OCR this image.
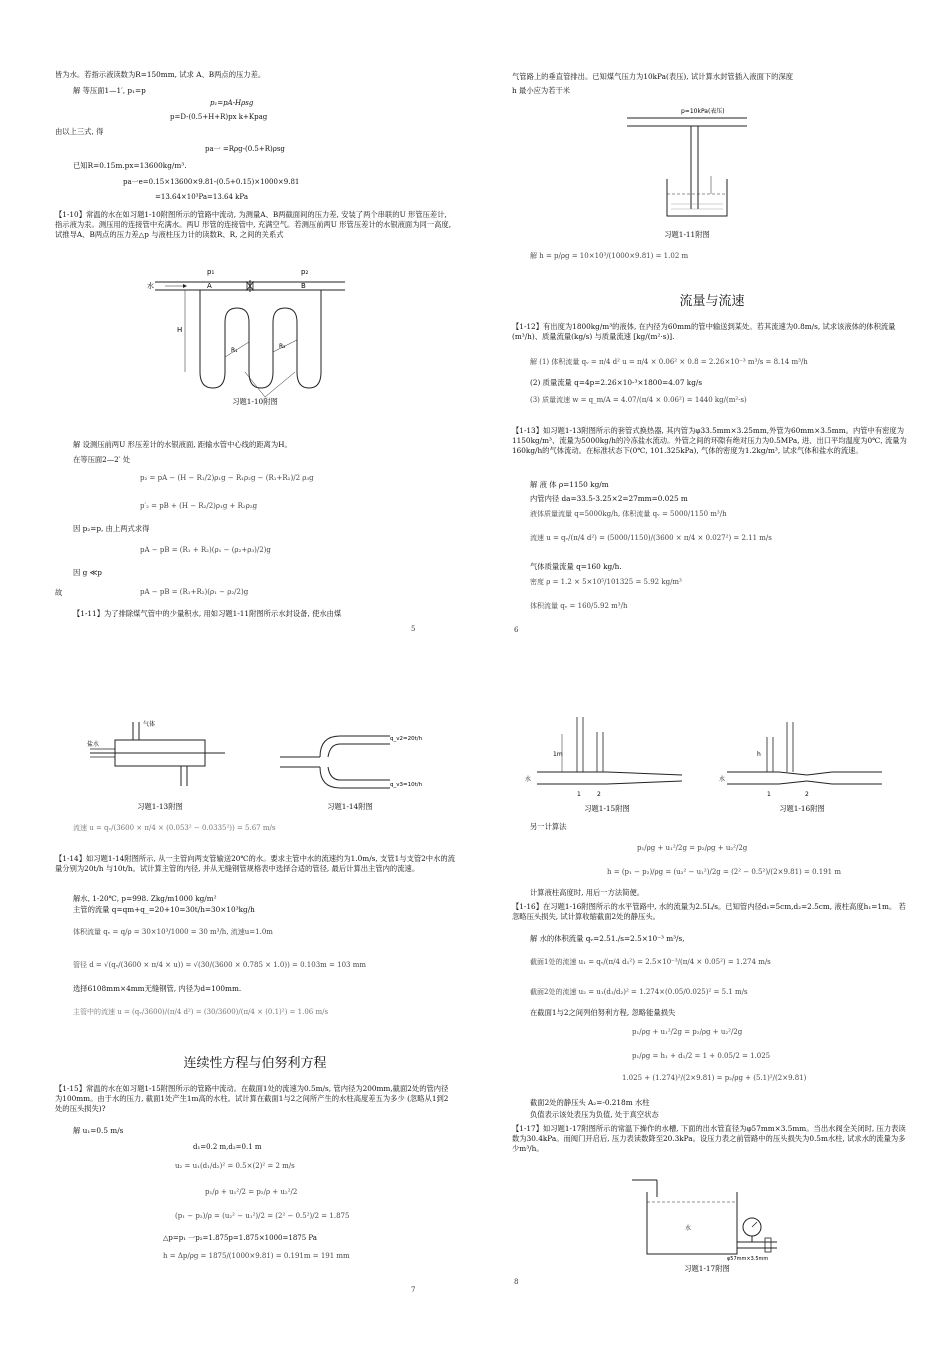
皆为水。若指示液读数为R=150mm, 试求 A、B两点的压力差。
解 等压面1—1′, p₁=p
p₁=pA-Hρsg
p=D-(0.5+H+R)px k+Kpag
由以上三式, 得
pa一 =Rρg-(0.5+R)ρsg
已知R=0.15m.px=13600kg/m³.
pa一e=0.15×13600×9.81-(0.5+0.15)×1000×9.81
=13.64×10³Pa=13.64 kPa
【1-10】常温的水在如习题1-10附图所示的管路中流动, 为测量A、B两截面间的压力差, 安装了两个串联的U 形管压差计, 指示液为汞。测压用的连接管中充满水。两U 形管的连接管中, 充满空气。若测压前两U 形管压差计的水银液面为同一高度, 试推导A、B两点的压力差△p 与液柱压力计的读数R、R, 之间的关系式
水	A	B
p₁	p₂
H
R₁
R₂
习题1-10附图
解 设测压前两U 形压差计的水银液面, 距输水管中心线的距离为H。
在等压面2—2′ 处
p₂ = pA − (H − R₁/2)ρ₁g − R₁ρ₂g − (R₁+R₂)/2 ρ₃g
p′₂ = pB + (H − R₂/2)ρ₁g + R₂ρ₂g
因 p₂=p, 由上两式求得
pA − pB = (R₁ + R₂)(ρ₁ − (ρ₂+ρ₃)/2)g
因 g ≪p
故	pA − pB = (R₁+R₂)(ρ₁ − ρ₂/2)g
【1-11】为了排除煤气管中的少量积水, 用如习题1-11附图所示水封设备, 使水由煤
5
气管路上的垂直管排出。已知煤气压力为10kPa(表压), 试计算水封管插入液面下的深度
h 最小应为若干米
p=10kPa(表压)
习题1-11附图
解 h = p/ρg = 10×10³/(1000×9.81) = 1.02 m
流量与流速
【1-12】有出度为1800kg/m³的液体, 在内径为60mm的管中输送到某处。若其流速为0.8m/s, 试求该液体的体积流量 (m³/h)、质量流量(kg/s) 与质量流速 [kg/(m²·s)].
解 (1) 体积流量 qᵥ = π/4 d² u = π/4 × 0.06² × 0.8 = 2.26×10⁻³ m³/s = 8.14 m³/h
(2) 质量流量 q=4p=2.26×10-³×1800=4.07 kg/s
(3) 质量流速 w = q_m/A = 4.07/(π/4 × 0.06²) = 1440 kg/(m²·s)
【1-13】如习题1-13附图所示的套管式换热器, 其内管为φ33.5mm×3.25mm,外管为60mm×3.5mm。内管中有密度为1150kg/m³、流量为5000kg/h的冷冻盐水流动。外管之间的环隙有绝对压力为0.5MPa, 进、出口平均温度为0℃, 流量为160kg/h的气体流动。在标准状态下(0℃, 101.325kPa), 气体的密度为1.2kg/m³, 试求气体和盐水的流速。
解 液 体 ρ=1150 kg/m
内管内径 da=33.5-3.25×2=27mm=0.025 m
液体质量流量 q=5000kg/h, 体积流量 qᵥ = 5000/1150 m³/h
流速 u = qᵥ/(π/4 d²) = (5000/1150)/(3600 × π/4 × 0.027²) = 2.11 m/s
气体质量流量 q=160 kg/h.
密度 ρ = 1.2 × 5×10⁵/101325 = 5.92 kg/m³
体积流量 qᵥ = 160/5.92 m³/h
6
盐水
气体
习题1-13附图
q_v2=20t/h
q_v3=10t/h
习题1-14附图
流速 u = qᵥ/(3600 × π/4 × (0.053² − 0.0335²)) = 5.67 m/s
【1-14】如习题1-14附图所示, 从一主管向两支管输送20℃的水。要求主管中水的流速约为1.0m/s, 支管1与支管2中水的流量分别为20t/h 与10t/h。试计算主管的内径, 并从无缝钢管规格表中选择合适的管径, 最后计算出主管内的流速。
解水, 1-20℃, p=998. Zkg/m1000 kg/m²
主管的流量 q=qm+q_=20+10=30t/h=30×10³kg/h
体积流量 qᵥ = q/ρ = 30×10³/1000 = 30 m³/h, 流速u=1.0m
管径 d = √(qᵥ/(3600 × π/4 × u)) = √(30/(3600 × 0.785 × 1.0)) = 0.103m = 103 mm
选择6108mm×4mm无缝钢管, 内径为d=100mm.
主管中的流速 u = (qᵥ/3600)/(π/4 d²) = (30/3600)/(π/4 × (0.1)²) = 1.06 m/s
连续性方程与伯努利方程
【1-15】常温的水在如习题1-15附图所示的管路中流动。在截面1处的流速为0.5m/s, 管内径为200mm,截面2处的管内径为100mm。由于水的压力, 截面1处产生1m高的水柱。试计算在截面1与2之间所产生的水柱高度差五为多少 (忽略从1到2处的压头损失)?
解 u₁=0.5 m/s
d₁=0.2 m,d₂=0.1 m
u₂ = u₁(d₁/d₂)² = 0.5×(2)² = 2 m/s
p₁/ρ + u₁²/2 = p₂/ρ + u₂²/2
(p₁ − p₂)/ρ = (u₂² − u₁²)/2 = (2² − 0.5²)/2 = 1.875
△p=p₁ 一p₂=1.875p=1.875×1000=1875 Pa
h = Δp/ρg = 1875/(1000×9.81) = 0.191m = 191 mm
7
1m
水
1	2
习题1-15附图
h
水
1	2
习题1-16附图
另一计算法
p₁/ρg + u₁²/2g = p₂/ρg + u₂²/2g
h = (p₁ − p₂)/ρg = (u₂² − u₁²)/2g = (2² − 0.5²)/(2×9.81) = 0.191 m
计算液柱高度时, 用后一方法简便。
【1-16】在习题1-16附图所示的水平管路中, 水的流量为2.5L/s。已知管内径d₁=5cm,d₂=2.5cm, 液柱高度h₁=1m。 若忽略压头损失, 试计算收缩截面2处的静压头。
解 水的体积流量 qᵥ=2.51./s=2.5×10⁻³ m³/s,
截面1处的流速 u₁ = qᵥ/(π/4 d₁²) = 2.5×10⁻³/(π/4 × 0.05²) = 1.274 m/s
截面2处的流速 u₂ = u₁(d₁/d₂)² = 1.274×(0.05/0.025)² = 5.1 m/s
在截面1与2之间列伯努利方程, 忽略能量损失
p₁/ρg + u₁²/2g = p₂/ρg + u₂²/2g
p₁/ρg = h₁ + d₁/2 = 1 + 0.05/2 = 1.025
1.025 + (1.274)²/(2×9.81) = p₂/ρg + (5.1)²/(2×9.81)
截面2处的静压头 A₂=-0.218m 水柱
负值表示该处表压为负值, 处于真空状态
【1-17】如习题1-17附图所示的常温下操作的水槽, 下面的出水管直径为φ57mm×3.5mm。当出水阀全关闭时, 压力表读数为30.4kPa。而阀门开启后, 压力表读数降至20.3kPa。设压力表之前管路中的压头损失为0.5m水柱, 试求水的流量为多少m³/h。
水
φ57mm×3.5mm
习题1-17附图
8
